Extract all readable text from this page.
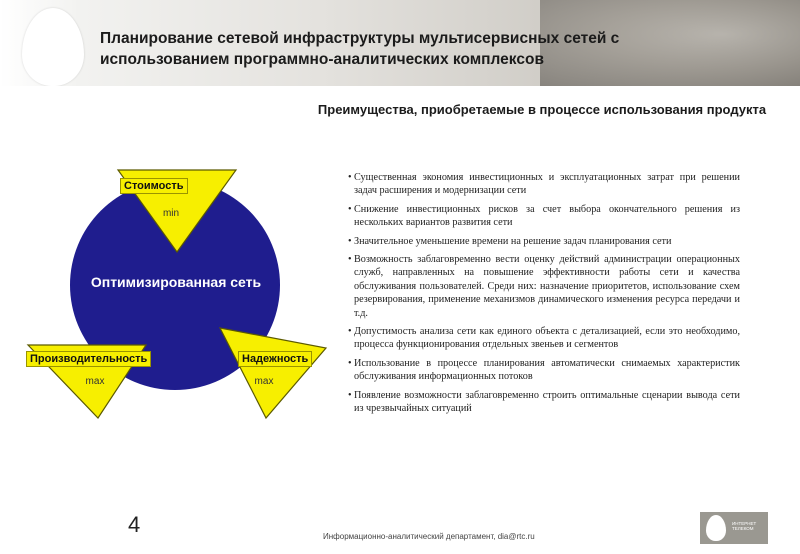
Планирование сетевой инфраструктуры мультисервисных сетей с использованием программно-аналитических комплексов
Преимущества, приобретаемые в процессе использования продукта
Стоимость
min
Оптимизированная сеть
Производительность
max
Надежность
max
• Существенная экономия инвестиционных и эксплуатационных затрат при решении задач расширения и модернизации сети
• Снижение инвестиционных рисков за счет выбора окончательного решения из нескольких вариантов развития сети
• Значительное уменьшение времени на решение задач планирования сети
• Возможность заблаговременно вести оценку действий администрации операционных служб, направленных на повышение эффективности работы сети и качества обслуживания пользователей. Среди них: назначение приоритетов, использование схем резервирования, применение механизмов динамического изменения ресурса передачи и т.д.
• Допустимость анализа сети как единого объекта с детализацией, если это необходимо, процесса функционирования отдельных звеньев и сегментов
• Использование в процессе планирования автоматически снимаемых характеристик обслуживания информационных потоков
• Появление возможности заблаговременно строить оптимальные сценарии вывода сети из чрезвычайных ситуаций
4	Информационно-аналитический департамент, dia@rtc.ru
ИНТЕРНЕТ ТЕЛЕКОМ
